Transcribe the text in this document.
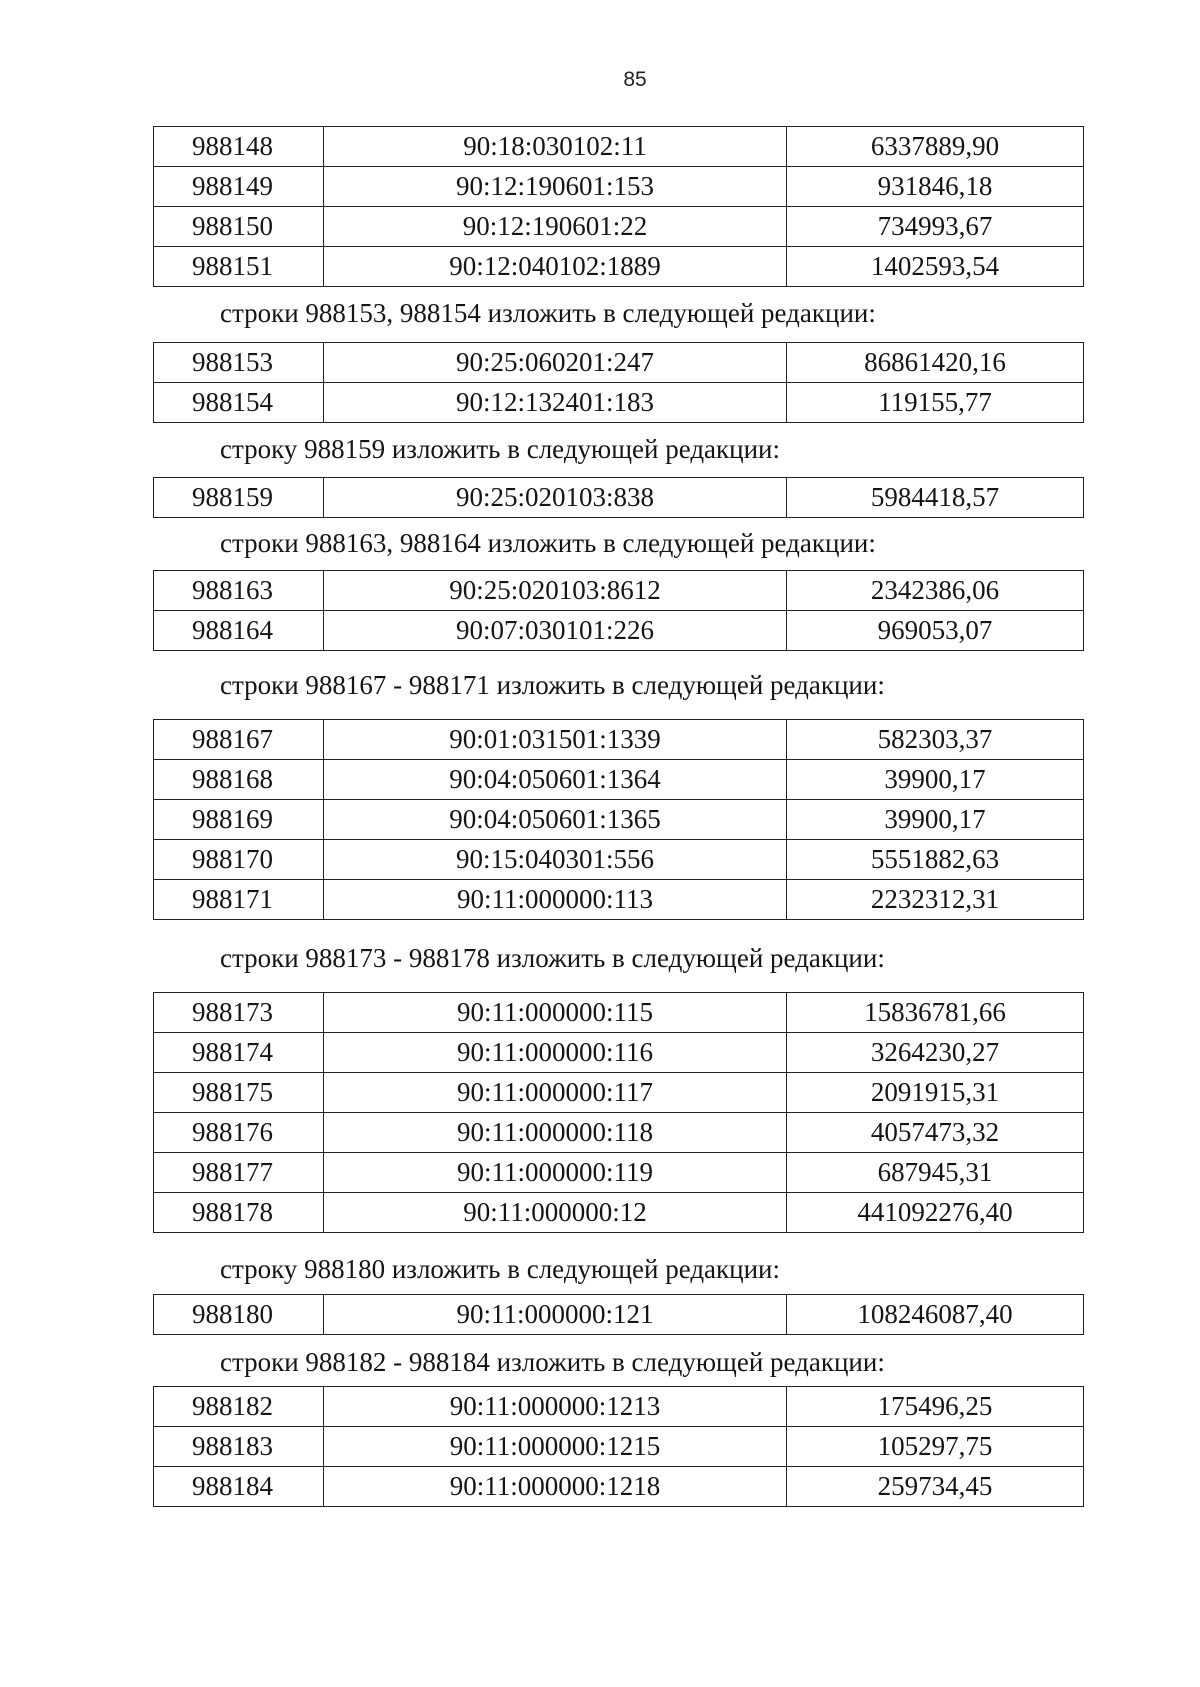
85
988148	90:18:030102:11	6337889,90
988149	90:12:190601:153	931846,18
988150	90:12:190601:22	734993,67
988151	90:12:040102:1889	1402593,54
строки 988153, 988154 изложить в следующей редакции:
988153	90:25:060201:247	86861420,16
988154	90:12:132401:183	119155,77
строку 988159 изложить в следующей редакции:
988159	90:25:020103:838	5984418,57
строки 988163, 988164 изложить в следующей редакции:
988163	90:25:020103:8612	2342386,06
988164	90:07:030101:226	969053,07
строки 988167 - 988171 изложить в следующей редакции:
988167	90:01:031501:1339	582303,37
988168	90:04:050601:1364	39900,17
988169	90:04:050601:1365	39900,17
988170	90:15:040301:556	5551882,63
988171	90:11:000000:113	2232312,31
строки 988173 - 988178 изложить в следующей редакции:
988173	90:11:000000:115	15836781,66
988174	90:11:000000:116	3264230,27
988175	90:11:000000:117	2091915,31
988176	90:11:000000:118	4057473,32
988177	90:11:000000:119	687945,31
988178	90:11:000000:12	441092276,40
строку 988180 изложить в следующей редакции:
988180	90:11:000000:121	108246087,40
строки 988182 - 988184 изложить в следующей редакции:
988182	90:11:000000:1213	175496,25
988183	90:11:000000:1215	105297,75
988184	90:11:000000:1218	259734,45
